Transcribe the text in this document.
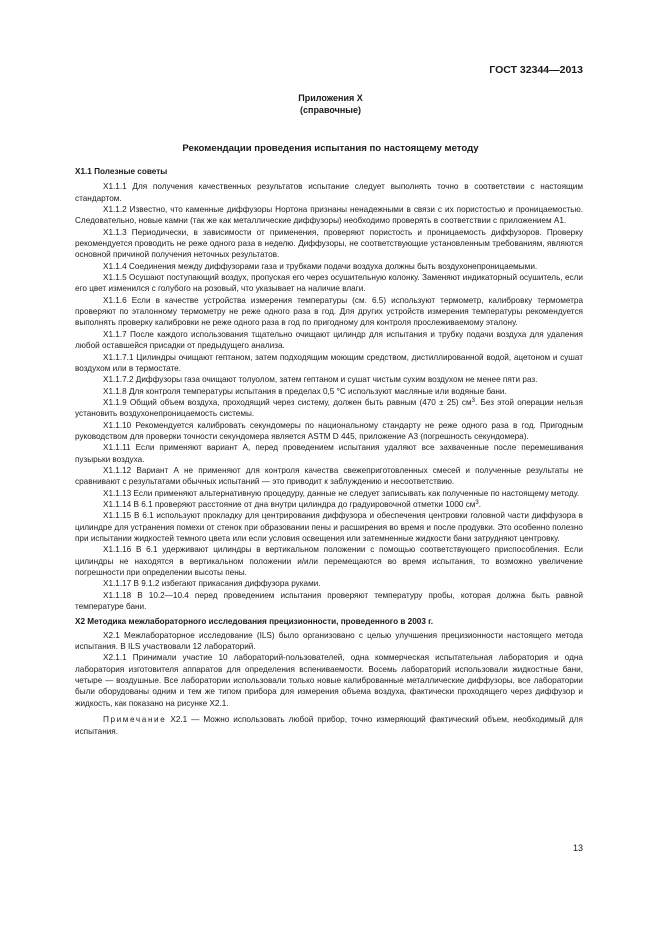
ГОСТ 32344—2013
Приложения Х
(справочные)
Рекомендации проведения испытания по настоящему методу

Х1.1 Полезные советы

Х1.1.1 Для получения качественных результатов испытание следует выполнять точно в соответствии с настоящим стандартом.

Х1.1.2 Известно, что каменные диффузоры Нортона признаны ненадежными в связи с их пористостью и проницаемостью. Следовательно, новые камни (так же как металлические диффузоры) необходимо проверять в соответствии с приложением А1.

Х1.1.3 Периодически, в зависимости от применения, проверяют пористость и проницаемость диффузоров. Проверку рекомендуется проводить не реже одного раза в неделю. Диффузоры, не соответствующие установленным требованиям, являются основной причиной получения неточных результатов.

Х1.1.4 Соединения между диффузорами газа и трубками подачи воздуха должны быть воздухонепроницаемыми.

Х1.1.5 Осушают поступающий воздух, пропуская его через осушительную колонку. Заменяют индикаторный осушитель, если его цвет изменился с голубого на розовый, что указывает на наличие влаги.

Х1.1.6 Если в качестве устройства измерения температуры (см. 6.5) используют термометр, калибровку термометра проверяют по эталонному термометру не реже одного раза в год. Для других устройств измерения температуры рекомендуется выполнять проверку калибровки не реже одного раза в год по пригодному для контроля прослеживаемому эталону.

Х1.1.7 После каждого использования тщательно очищают цилиндр для испытания и трубку подачи воздуха для удаления любой оставшейся присадки от предыдущего анализа.

Х1.1.7.1 Цилиндры очищают гептаном, затем подходящим моющим средством, дистиллированной водой, ацетоном и сушат воздухом или в термостате.

Х1.1.7.2 Диффузоры газа очищают толуолом, затем гептаном и сушат чистым сухим воздухом не менее пяти раз.

Х1.1.8 Для контроля температуры испытания в пределах 0,5 °С используют масляные или водяные бани.

Х1.1.9 Общий объем воздуха, проходящий через систему, должен быть равным (470 ± 25) $см^3$. Без этой операции нельзя установить воздухонепроницаемость системы.

Х1.1.10 Рекомендуется калибровать секундомеры по национальному стандарту не реже одного раза в год. Пригодным руководством для проверки точности секундомера является ASTM D 445, приложение А3 (погрешность секундомера).

Х1.1.11 Если применяют вариант А, перед проведением испытания удаляют все захваченные после перемешивания пузырьки воздуха.

Х1.1.12 Вариант А не применяют для контроля качества свежеприготовленных смесей и полученные результаты не сравнивают с результатами обычных испытаний — это приводит к заблуждению и несоответствию.

Х1.1.13 Если применяют альтернативную процедуру, данные не следует записывать как полученные по настоящему методу.

Х1.1.14 В 6.1 проверяют расстояние от дна внутри цилиндра до градуировочной отметки 1000 $см^3$.

Х1.1.15 В 6.1 используют прокладку для центрирования диффузора и обеспечения центровки головной части диффузора в цилиндре для устранения помехи от стенок при образовании пены и расширения во время и после продувки. Это особенно полезно при испытании жидкостей темного цвета или если условия освещения или затемненные жидкости бани затрудняют центровку.

Х1.1.16 В 6.1 удерживают цилиндры в вертикальном положении с помощью соответствующего приспособления. Если цилиндры не находятся в вертикальном положении и/или перемещаются во время испытания, то возможно увеличение погрешности при определении высоты пены.

Х1.1.17 В 9.1.2 избегают прикасания диффузора руками.

Х1.1.18 В 10.2—10.4 перед проведением испытания проверяют температуру пробы, которая должна быть равной температуре бани.

Х2 Методика межлабораторного исследования прецизионности, проведенного в 2003 г.

Х2.1 Межлабораторное исследование (ILS) было организовано с целью улучшения прецизионности настоящего метода испытания. В ILS участвовали 12 лабораторий.

Х2.1.1 Принимали участие 10 лабораторий-пользователей, одна коммерческая испытательная лаборатория и одна лаборатория изготовителя аппаратов для определения вспениваемости. Восемь лабораторий использовали жидкостные бани, четыре — воздушные. Все лаборатории использовали только новые калиброванные металлические диффузоры, все лаборатории были оборудованы одним и тем же типом прибора для измерения объема воздуха, фактически проходящего через диффузор и жидкость, как показано на рисунке Х2.1.

Примечание Х2.1 — Можно использовать любой прибор, точно измеряющий фактический объем, необходимый для испытания.

13
